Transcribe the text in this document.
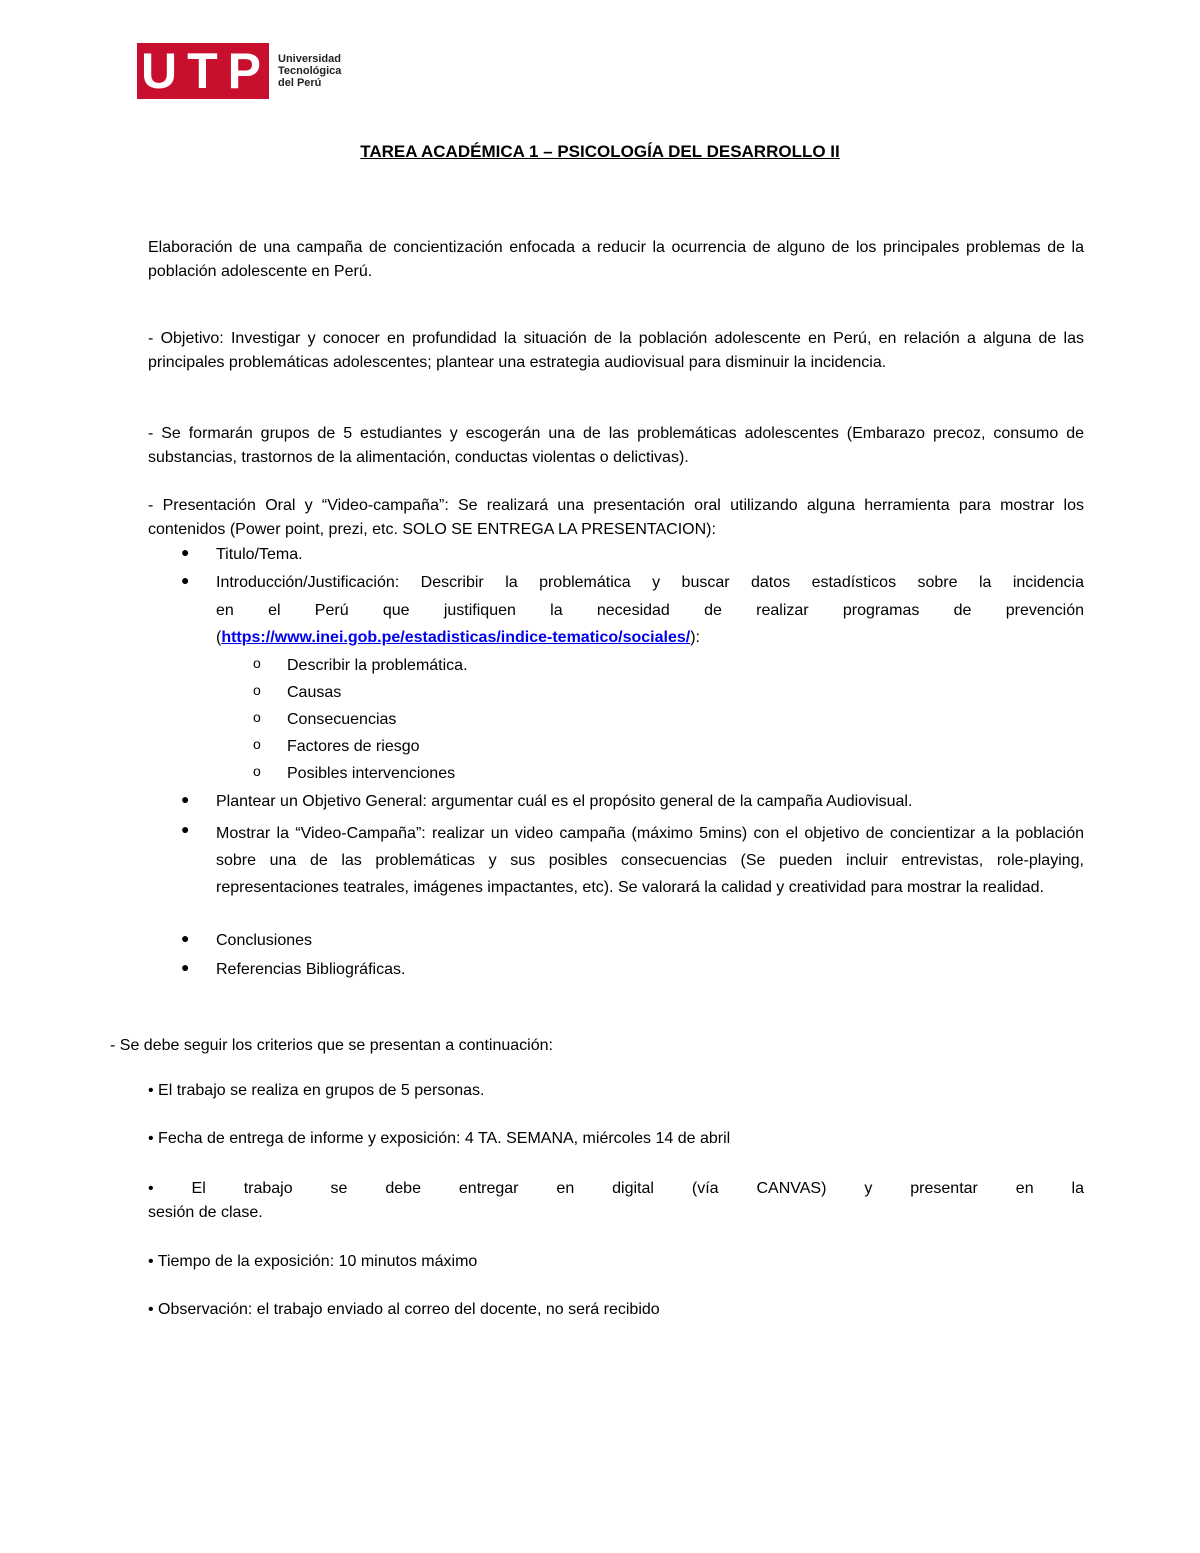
UTP Universidad
Tecnológica
del Perú
TAREA ACADÉMICA 1 – PSICOLOGÍA DEL DESARROLLO II
Elaboración de una campaña de concientización enfocada a reducir la ocurrencia de alguno de los principales problemas de la población adolescente en Perú.
- Objetivo: Investigar y conocer en profundidad la situación de la población adolescente en Perú, en relación a alguna de las principales problemáticas adolescentes; plantear una estrategia audiovisual para disminuir la incidencia.
- Se formarán grupos de 5 estudiantes y escogerán una de las problemáticas adolescentes (Embarazo precoz, consumo de substancias, trastornos de la alimentación, conductas violentas o delictivas).
- Presentación Oral y “Video-campaña”: Se realizará una presentación oral utilizando alguna herramienta para mostrar los contenidos (Power point, prezi, etc. SOLO SE ENTREGA LA PRESENTACION):
● Titulo/Tema.
● Introducción/Justificación: Describir la problemática y buscar datos estadísticos sobre la incidencia
en el Perú que justifiquen la necesidad de realizar programas de prevención
(https://www.inei.gob.pe/estadisticas/indice-tematico/sociales/):
o Describir la problemática.
o Causas
o Consecuencias
o Factores de riesgo
o Posibles intervenciones
● Plantear un Objetivo General: argumentar cuál es el propósito general de la campaña Audiovisual.
● Mostrar la “Video-Campaña”: realizar un video campaña (máximo 5mins) con el objetivo de concientizar a la población sobre una de las problemáticas y sus posibles consecuencias (Se pueden incluir entrevistas, role-playing, representaciones teatrales, imágenes impactantes, etc). Se valorará la calidad y creatividad para mostrar la realidad.
● Conclusiones
● Referencias Bibliográficas.
- Se debe seguir los criterios que se presentan a continuación:
• El trabajo se realiza en grupos de 5 personas.
• Fecha de entrega de informe y exposición: 4 TA. SEMANA, miércoles 14 de abril
• El trabajo se debe entregar en digital (vía CANVAS) y presentar en la
sesión de clase.
• Tiempo de la exposición: 10 minutos máximo
• Observación: el trabajo enviado al correo del docente, no será recibido
